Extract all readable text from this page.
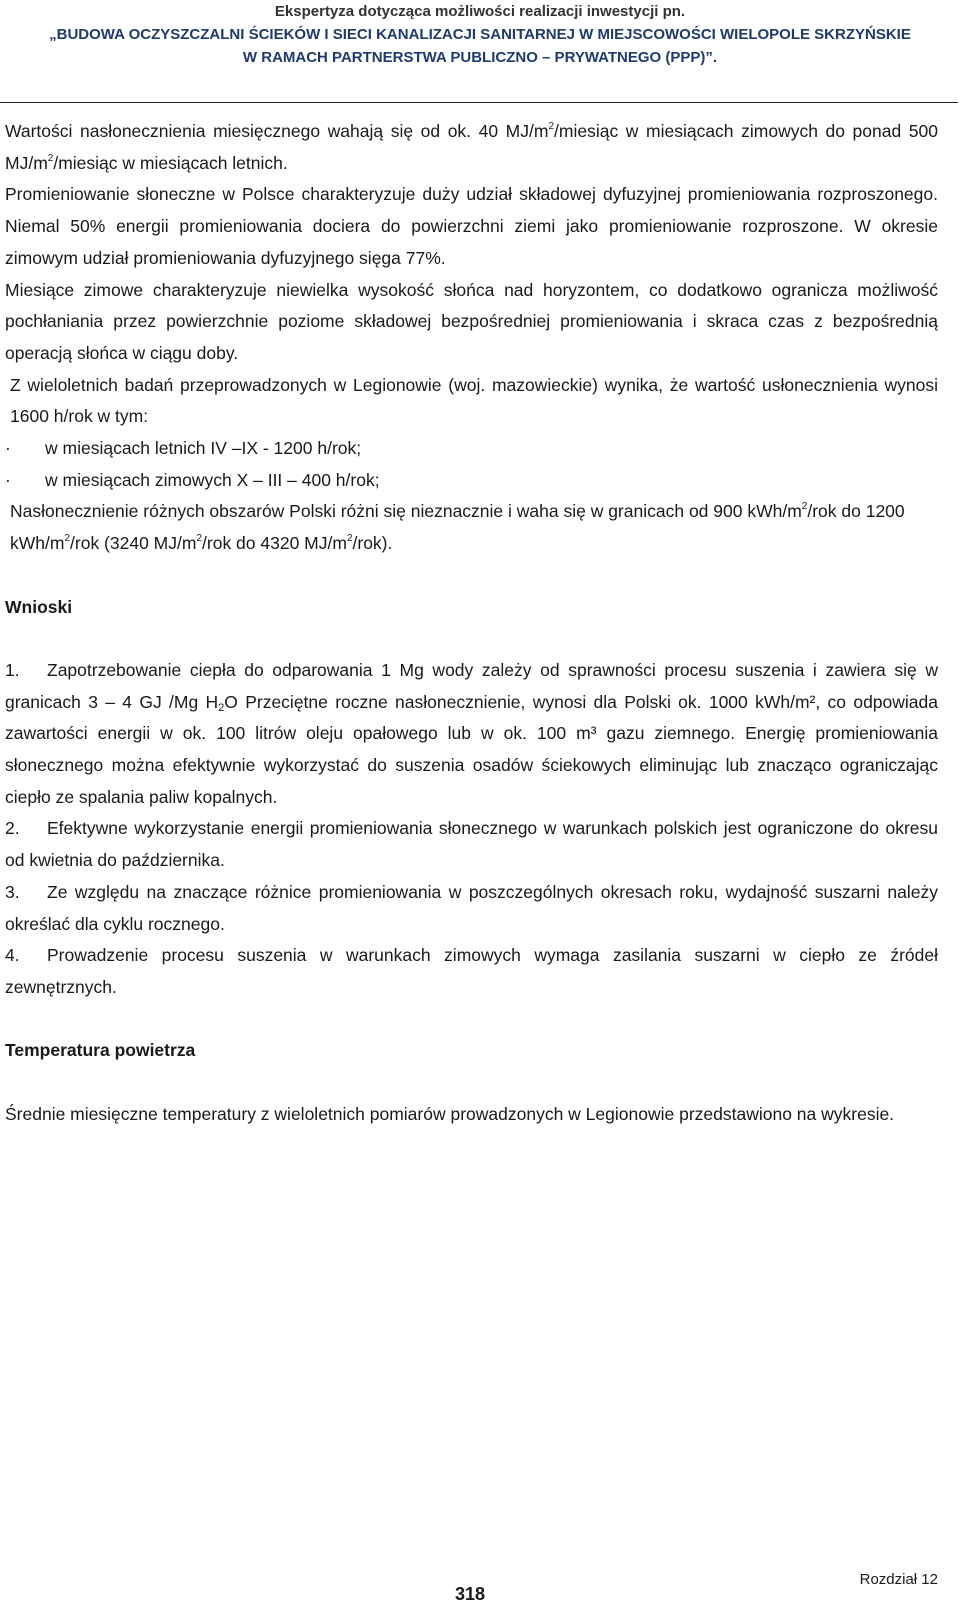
Ekspertyza dotycząca możliwości realizacji inwestycji pn.
„BUDOWA OCZYSZCZALNI ŚCIEKÓW I SIECI KANALIZACJI SANITARNEJ W MIEJSCOWOŚCI WIELOPOLE SKRZYŃSKIE
W RAMACH PARTNERSTWA PUBLICZNO – PRYWATNEGO (PPP)”.

Wartości nasłonecznienia miesięcznego wahają się od ok. 40 $MJ/m^2$/miesiąc w miesiącach zimowych do ponad 500 $MJ/m^2$/miesiąc w miesiącach letnich.

Promieniowanie słoneczne w Polsce charakteryzuje duży udział składowej dyfuzyjnej promieniowania rozproszonego. Niemal 50% energii promieniowania dociera do powierzchni ziemi jako promieniowanie rozproszone. W okresie zimowym udział promieniowania dyfuzyjnego sięga 77%.

Miesiące zimowe charakteryzuje niewielka wysokość słońca nad horyzontem, co dodatkowo ogranicza możliwość pochłaniania przez powierzchnie poziome składowej bezpośredniej promieniowania i skraca czas z bezpośrednią operacją słońca w ciągu doby.

Z wieloletnich badań przeprowadzonych w Legionowie (woj. mazowieckie) wynika, że wartość usłonecznienia wynosi 1600 h/rok w tym:

· w miesiącach letnich IV –IX - 1200 h/rok;

· w miesiącach zimowych X – III – 400 h/rok;

Nasłonecznienie różnych obszarów Polski różni się nieznacznie i waha się w granicach od 900 kWh/$m^2$/rok do 1200 kWh/$m^2$/rok (3240 $MJ/m^2$/rok do 4320 $MJ/m^2/rok$).

Wnioski

1. Zapotrzebowanie ciepła do odparowania 1 Mg wody zależy od sprawności procesu suszenia i zawiera się w granicach 3 – 4 GJ /Mg $H_2O$ Przeciętne roczne nasłonecznienie, wynosi dla Polski ok. 1000 kWh/m², co odpowiada zawartości energii w ok. 100 litrów oleju opałowego lub w ok. 100 m³ gazu ziemnego. Energię promieniowania słonecznego można efektywnie wykorzystać do suszenia osadów ściekowych eliminując lub znacząco ograniczając ciepło ze spalania paliw kopalnych.

2. Efektywne wykorzystanie energii promieniowania słonecznego w warunkach polskich jest ograniczone do okresu od kwietnia do października.

3. Ze względu na znaczące różnice promieniowania w poszczególnych okresach roku, wydajność suszarni należy określać dla cyklu rocznego.

4. Prowadzenie procesu suszenia w warunkach zimowych wymaga zasilania suszarni w ciepło ze źródeł zewnętrznych.

Temperatura powietrza

Średnie miesięczne temperatury z wieloletnich pomiarów prowadzonych w Legionowie przedstawiono na wykresie.

Rozdział 12
318
